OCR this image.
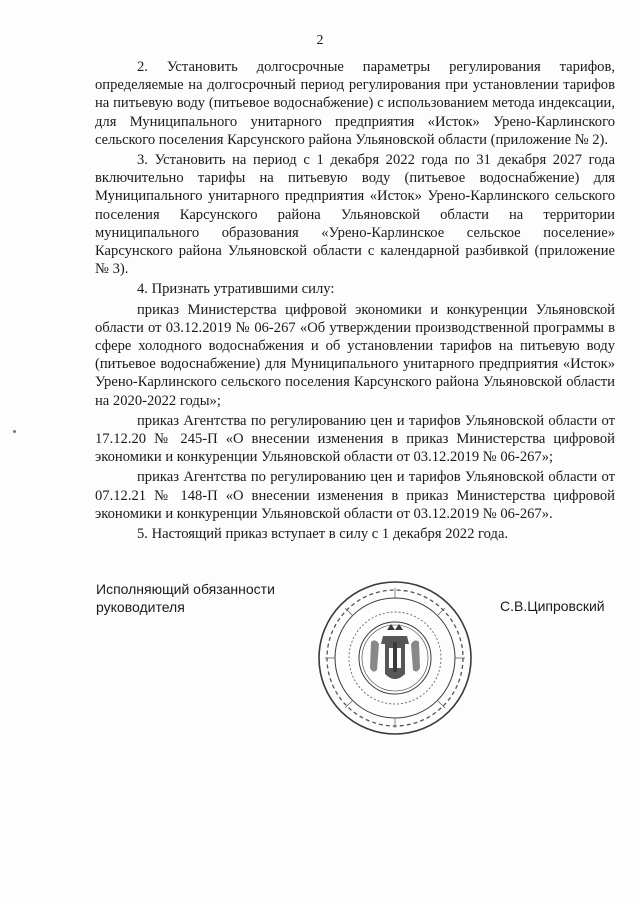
2

2. Установить долгосрочные параметры регулирования тарифов, определяемые на долгосрочный период регулирования при установлении тарифов на питьевую воду (питьевое водоснабжение) с использованием метода индексации, для Муниципального унитарного предприятия «Исток» Урено-Карлинского сельского поселения Карсунского района Ульяновской области (приложение № 2).

3. Установить на период с 1 декабря 2022 года по 31 декабря 2027 года включительно тарифы на питьевую воду (питьевое водоснабжение) для Муниципального унитарного предприятия «Исток» Урено-Карлинского сельского поселения Карсунского района Ульяновской области на территории муниципального образования «Урено-Карлинское сельское поселение» Карсунского района Ульяновской области с календарной разбивкой (приложение № 3).

4. Признать утратившими силу:

приказ Министерства цифровой экономики и конкуренции Ульяновской области от 03.12.2019 № 06-267 «Об утверждении производственной программы в сфере холодного водоснабжения и об установлении тарифов на питьевую воду (питьевое водоснабжение) для Муниципального унитарного предприятия «Исток» Урено-Карлинского сельского поселения Карсунского района Ульяновской области на 2020-2022 годы»;

приказ Агентства по регулированию цен и тарифов Ульяновской области от 17.12.20 № 245-П «О внесении изменения в приказ Министерства цифровой экономики и конкуренции Ульяновской области от 03.12.2019 № 06-267»;

приказ Агентства по регулированию цен и тарифов Ульяновской области от 07.12.21 № 148-П «О внесении изменения в приказ Министерства цифровой экономики и конкуренции Ульяновской области от 03.12.2019 № 06-267».

5. Настоящий приказ вступает в силу с 1 декабря 2022 года.

Исполняющий обязанности
руководителя	С.В.Ципровский
